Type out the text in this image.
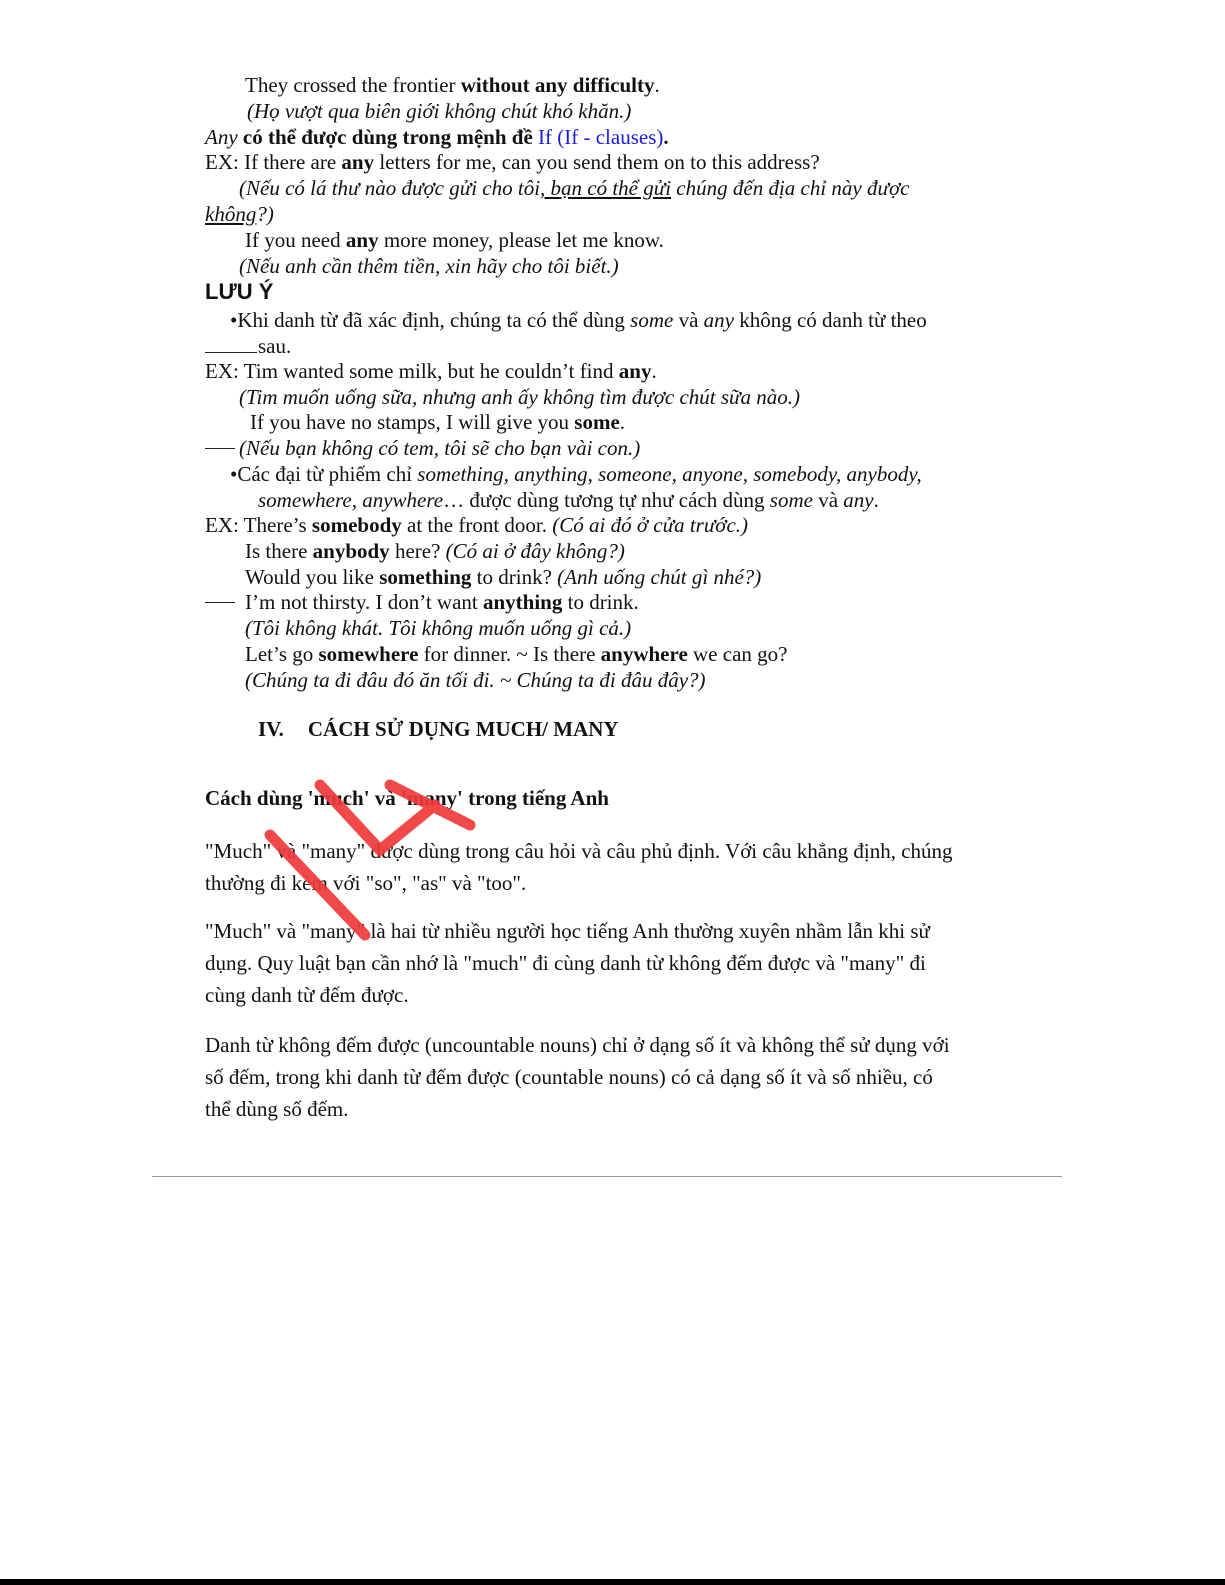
They crossed the frontier without any difficulty.
(Họ vượt qua biên giới không chút khó khăn.)
Any có thể được dùng trong mệnh đề If (If - clauses).
EX: If there are any letters for me, can you send them on to this address?
(Nếu có lá thư nào được gửi cho tôi, bạn có thể gửi chúng đến địa chỉ này được
không?)
If you need any more money, please let me know.
(Nếu anh cần thêm tiền, xin hãy cho tôi biết.)
LƯU Ý
•Khi danh từ đã xác định, chúng ta có thể dùng some và any không có danh từ theo
sau.
EX: Tim wanted some milk, but he couldn’t find any.
(Tim muốn uống sữa, nhưng anh ấy không tìm được chút sữa nào.)
If you have no stamps, I will give you some.
(Nếu bạn không có tem, tôi sẽ cho bạn vài con.)
•Các đại từ phiếm chỉ something, anything, someone, anyone, somebody, anybody,
somewhere, anywhere… được dùng tương tự như cách dùng some và any.
EX: There’s somebody at the front door. (Có ai đó ở cửa trước.)
Is there anybody here? (Có ai ở đây không?)
Would you like something to drink? (Anh uống chút gì nhé?)
I’m not thirsty. I don’t want anything to drink.
(Tôi không khát. Tôi không muốn uống gì cả.)
Let’s go somewhere for dinner. ~ Is there anywhere we can go?
(Chúng ta đi đâu đó ăn tối đi. ~ Chúng ta đi đâu đây?)
IV. CÁCH SỬ DỤNG MUCH/ MANY
Cách dùng 'much' và 'many' trong tiếng Anh
"Much" và "many" được dùng trong câu hỏi và câu phủ định. Với câu khẳng định, chúng
thường đi kèm với "so", "as" và "too".
"Much" và "many" là hai từ nhiều người học tiếng Anh thường xuyên nhầm lẫn khi sử
dụng. Quy luật bạn cần nhớ là "much" đi cùng danh từ không đếm được và "many" đi
cùng danh từ đếm được.
Danh từ không đếm được (uncountable nouns) chỉ ở dạng số ít và không thể sử dụng với
số đếm, trong khi danh từ đếm được (countable nouns) có cả dạng số ít và số nhiều, có
thể dùng số đếm.
